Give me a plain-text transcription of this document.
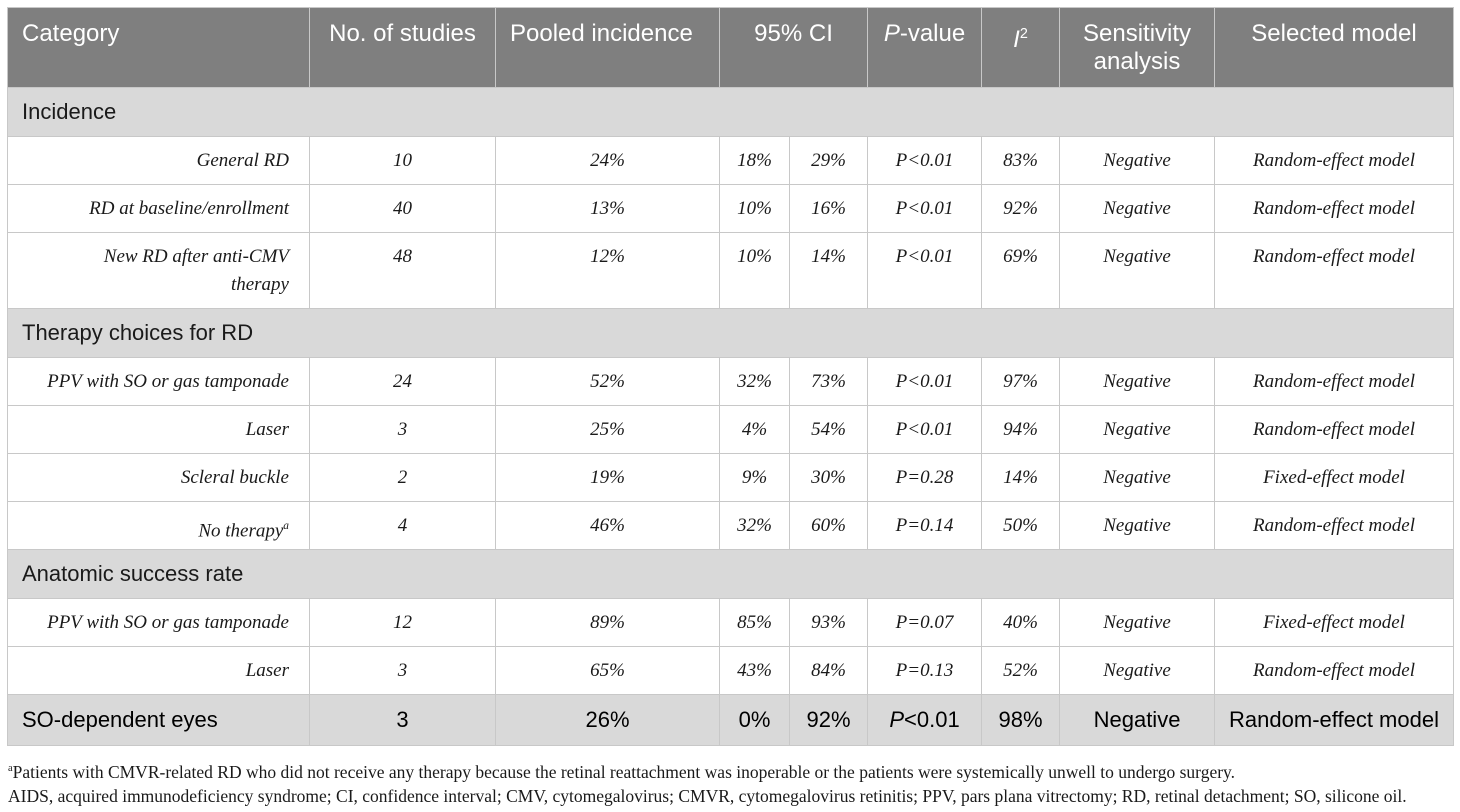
Category	No. of studies	Pooled incidence	95% CI		P-value	$I^2$	Sensitivity analysis	Selected model
Incidence								
General RD	10	24%	18%	29%	P<0.01	83%	Negative	Random-effect model
RD at baseline/enrollment	40	13%	10%	16%	P<0.01	92%	Negative	Random-effect model
New RD after anti-CMV therapy	48	12%	10%	14%	P<0.01	69%	Negative	Random-effect model
Therapy choices for RD								
PPV with SO or gas tamponade	24	52%	32%	73%	P<0.01	97%	Negative	Random-effect model
Laser	3	25%	4%	54%	P<0.01	94%	Negative	Random-effect model
Scleral buckle	2	19%	9%	30%	P=0.28	14%	Negative	Fixed-effect model
No therapy$^a$	4	46%	32%	60%	P=0.14	50%	Negative	Random-effect model
Anatomic success rate								
PPV with SO or gas tamponade	12	89%	85%	93%	P=0.07	40%	Negative	Fixed-effect model
Laser	3	65%	43%	84%	P=0.13	52%	Negative	Random-effect model
SO-dependent eyes	3	26%	0%	92%	P<0.01	98%	Negative	Random-effect model

$^a$Patients with CMVR-related RD who did not receive any therapy because the retinal reattachment was inoperable or the patients were systemically unwell to undergo surgery.

AIDS, acquired immunodeficiency syndrome; CI, confidence interval; CMV, cytomegalovirus; CMVR, cytomegalovirus retinitis; PPV, pars plana vitrectomy; RD, retinal detachment; SO, silicone oil.
